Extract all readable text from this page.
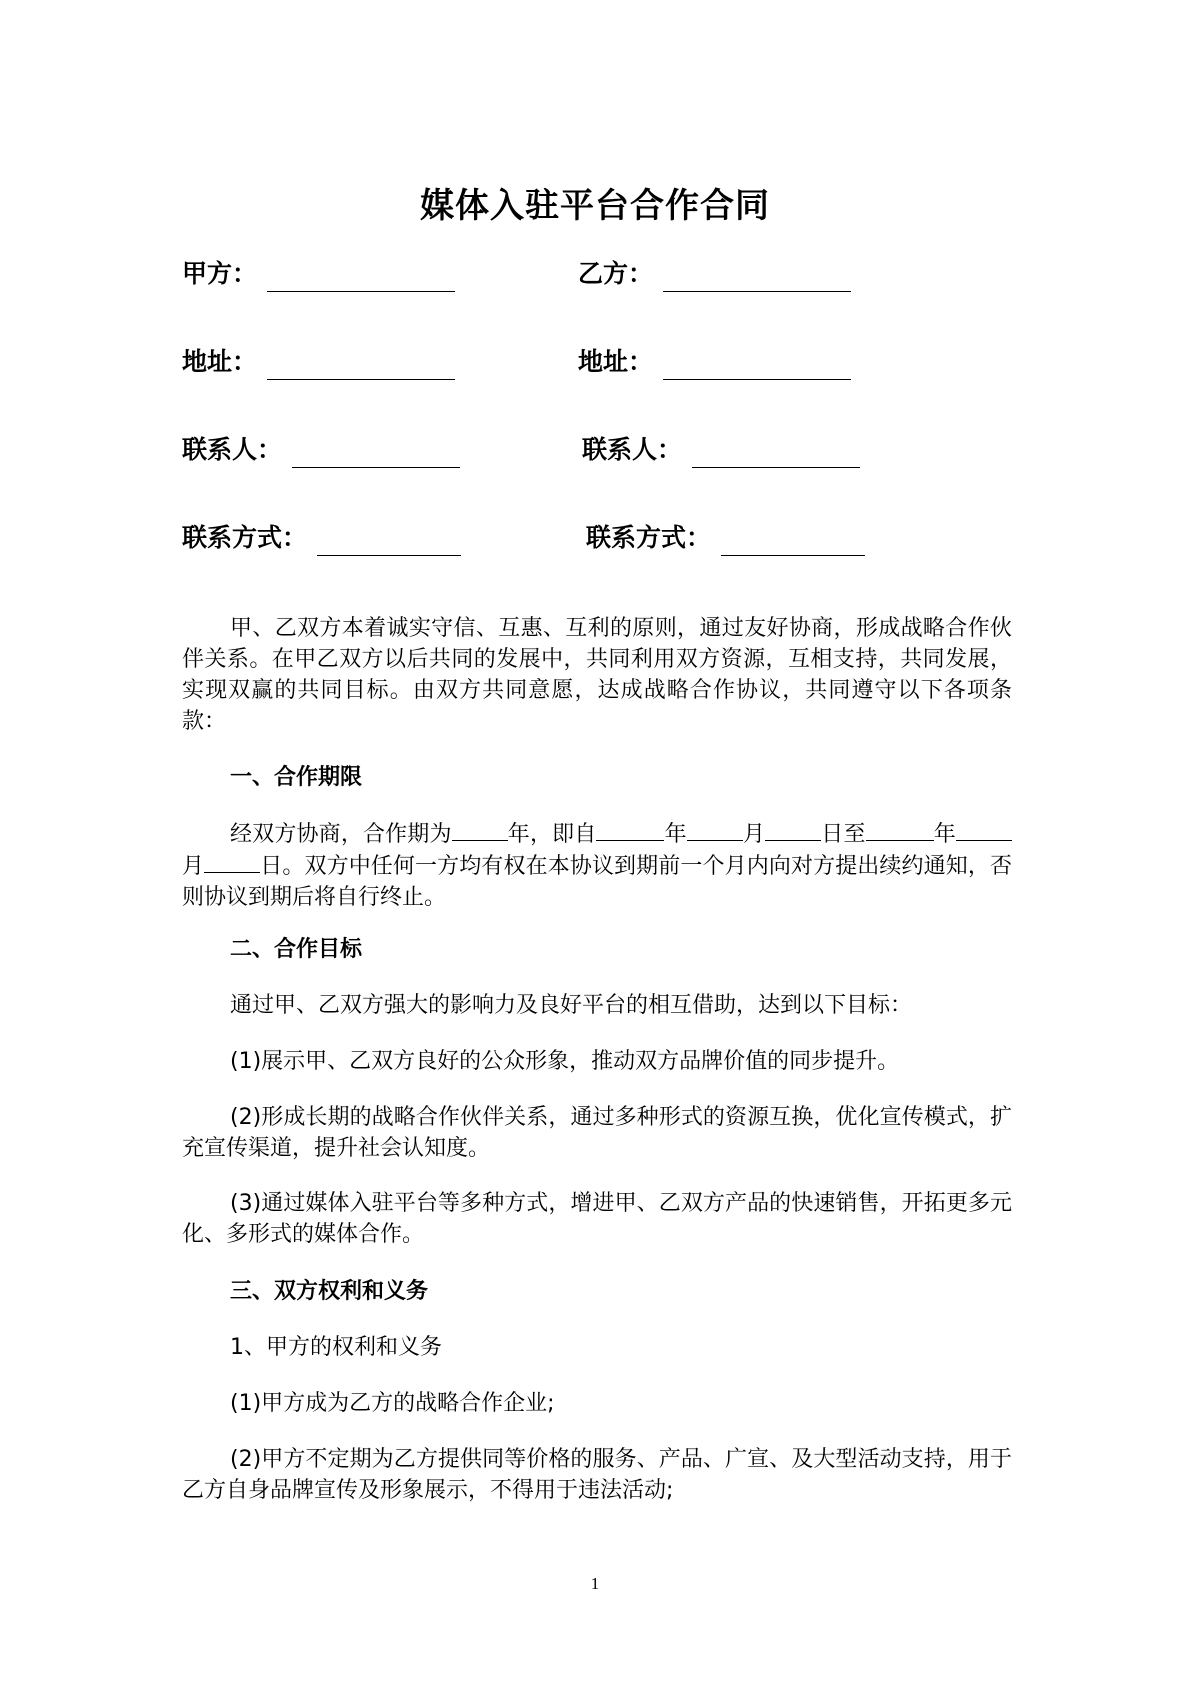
媒体入驻平台合作合同
甲方：	乙方：
地址：	地址：
联系人：	联系人：
联系方式：	联系方式：

甲、乙双方本着诚实守信、互惠、互利的原则，通过友好协商，形成战略合作伙伴关系。在甲乙双方以后共同的发展中，共同利用双方资源，互相支持，共同发展，实现双赢的共同目标。由双方共同意愿，达成战略合作协议，共同遵守以下各项条款：

一、合作期限

经双方协商，合作期为	年，即自	年	月	日至	年月	日。双方中任何一方均有权在本协议到期前一个月内向对方提出续约通知，否则协议到期后将自行终止。

二、合作目标

通过甲、乙双方强大的影响力及良好平台的相互借助，达到以下目标：

(1)展示甲、乙双方良好的公众形象，推动双方品牌价值的同步提升。

(2)形成长期的战略合作伙伴关系，通过多种形式的资源互换，优化宣传模式，扩充宣传渠道，提升社会认知度。

(3)通过媒体入驻平台等多种方式，增进甲、乙双方产品的快速销售，开拓更多元化、多形式的媒体合作。

三、双方权利和义务

1、甲方的权利和义务

(1)甲方成为乙方的战略合作企业;

(2)甲方不定期为乙方提供同等价格的服务、产品、广宣、及大型活动支持，用于乙方自身品牌宣传及形象展示，不得用于违法活动;

1
